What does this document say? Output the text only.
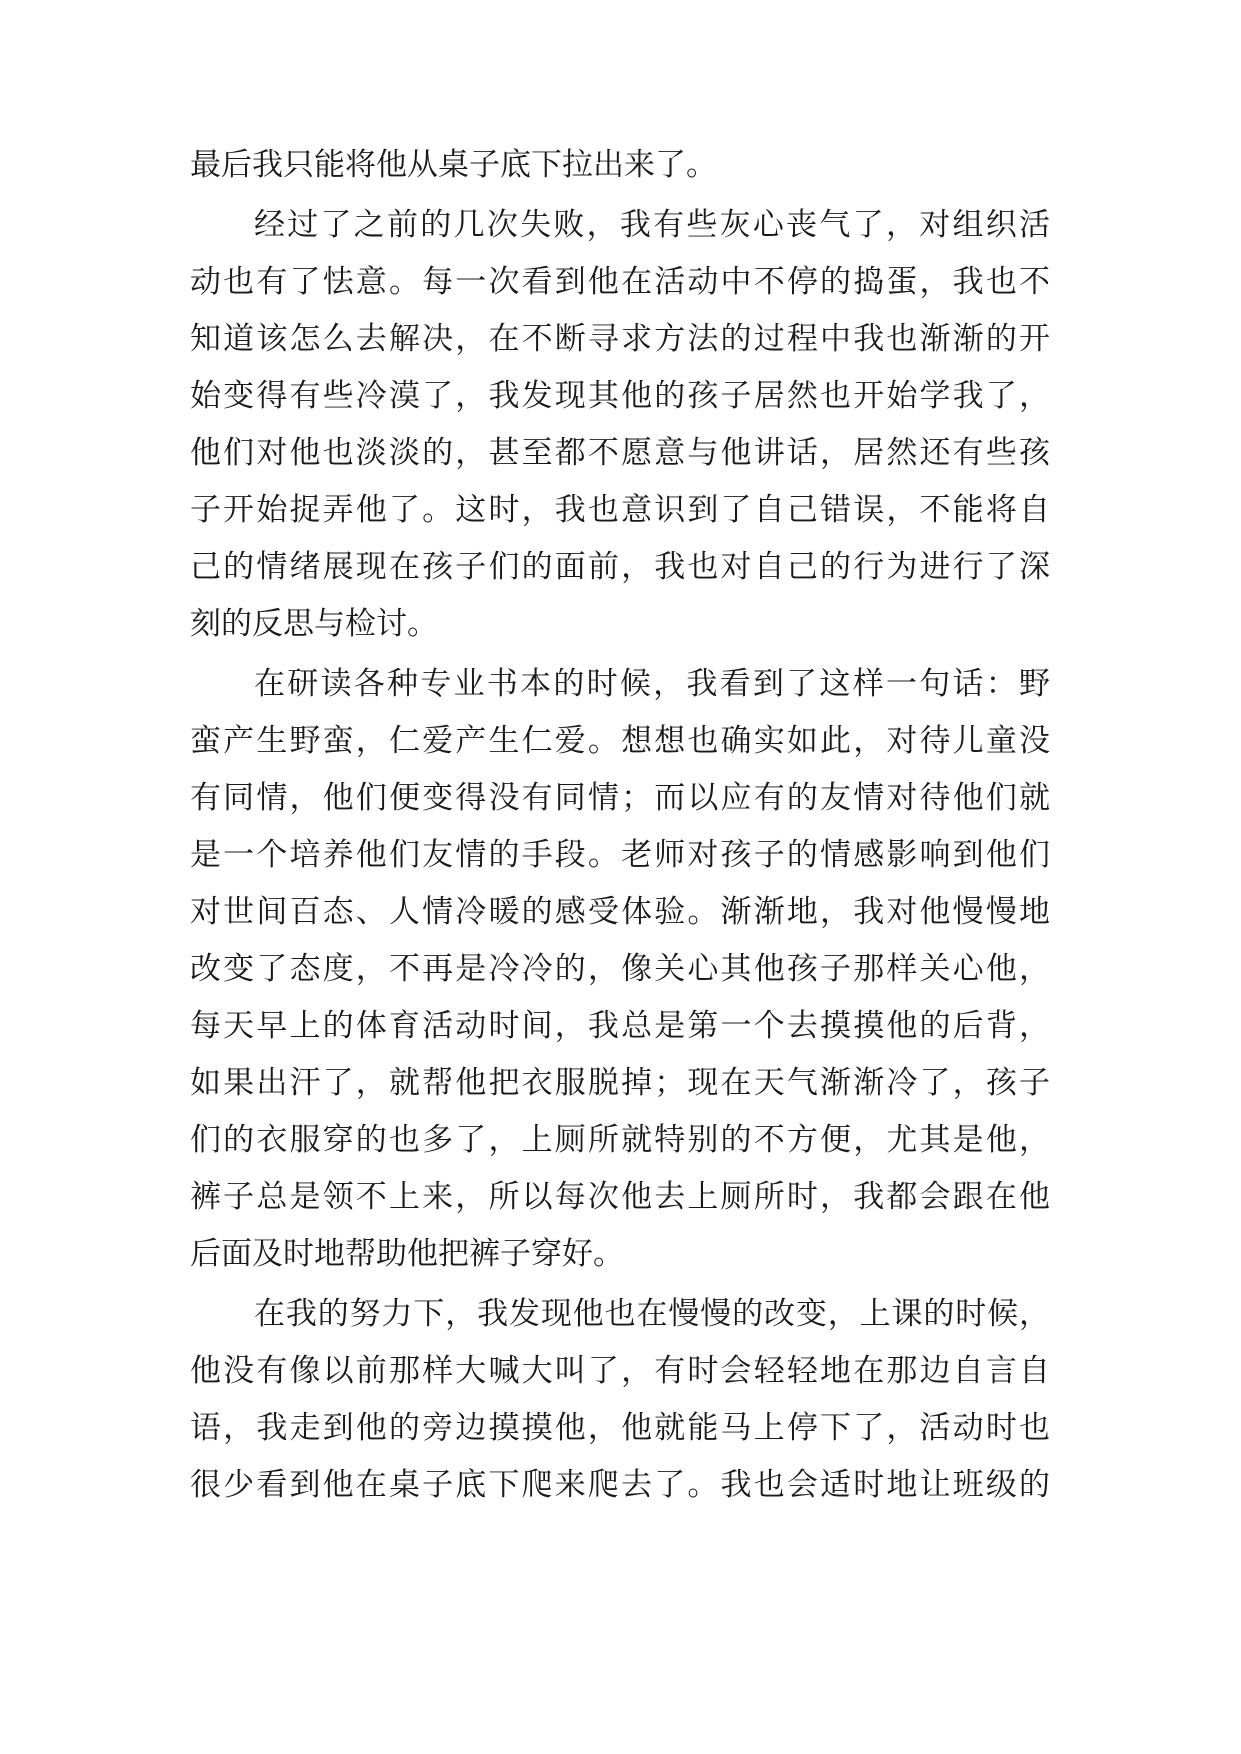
最后我只能将他从桌子底下拉出来了。
经过了之前的几次失败，我有些灰心丧气了，对组织活
动也有了怯意。每一次看到他在活动中不停的捣蛋，我也不
知道该怎么去解决，在不断寻求方法的过程中我也渐渐的开
始变得有些冷漠了，我发现其他的孩子居然也开始学我了，
他们对他也淡淡的，甚至都不愿意与他讲话，居然还有些孩
子开始捉弄他了。这时，我也意识到了自己错误，不能将自
己的情绪展现在孩子们的面前，我也对自己的行为进行了深
刻的反思与检讨。
在研读各种专业书本的时候，我看到了这样一句话：野
蛮产生野蛮，仁爱产生仁爱。想想也确实如此，对待儿童没
有同情，他们便变得没有同情；而以应有的友情对待他们就
是一个培养他们友情的手段。老师对孩子的情感影响到他们
对世间百态、人情冷暖的感受体验。渐渐地，我对他慢慢地
改变了态度，不再是冷冷的，像关心其他孩子那样关心他，
每天早上的体育活动时间，我总是第一个去摸摸他的后背，
如果出汗了，就帮他把衣服脱掉；现在天气渐渐冷了，孩子
们的衣服穿的也多了，上厕所就特别的不方便，尤其是他，
裤子总是领不上来，所以每次他去上厕所时，我都会跟在他
后面及时地帮助他把裤子穿好。
在我的努力下，我发现他也在慢慢的改变，上课的时候，
他没有像以前那样大喊大叫了，有时会轻轻地在那边自言自
语，我走到他的旁边摸摸他，他就能马上停下了，活动时也
很少看到他在桌子底下爬来爬去了。我也会适时地让班级的
